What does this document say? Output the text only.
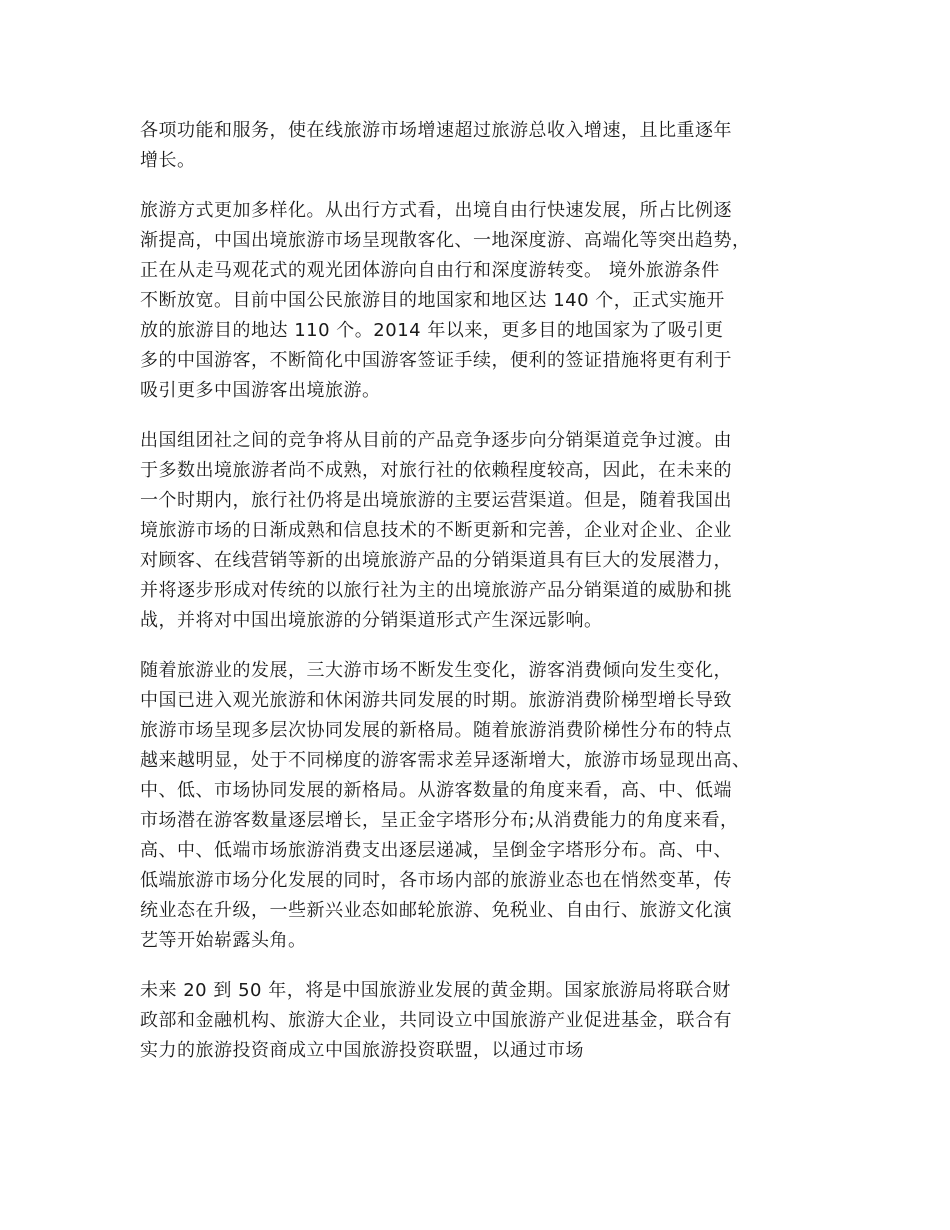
各项功能和服务，使在线旅游市场增速超过旅游总收入增速，且比重逐年
增长。

旅游方式更加多样化。从出行方式看，出境自由行快速发展，所占比例逐
渐提高，中国出境旅游市场呈现散客化、一地深度游、高端化等突出趋势，
正在从走马观花式的观光团体游向自由行和深度游转变。 境外旅游条件
不断放宽。目前中国公民旅游目的地国家和地区达 140 个，正式实施开
放的旅游目的地达 110 个。2014 年以来，更多目的地国家为了吸引更
多的中国游客，不断简化中国游客签证手续，便利的签证措施将更有利于
吸引更多中国游客出境旅游。

出国组团社之间的竞争将从目前的产品竞争逐步向分销渠道竞争过渡。由
于多数出境旅游者尚不成熟，对旅行社的依赖程度较高，因此，在未来的
一个时期内，旅行社仍将是出境旅游的主要运营渠道。但是，随着我国出
境旅游市场的日渐成熟和信息技术的不断更新和完善，企业对企业、企业
对顾客、在线营销等新的出境旅游产品的分销渠道具有巨大的发展潜力，
并将逐步形成对传统的以旅行社为主的出境旅游产品分销渠道的威胁和挑
战，并将对中国出境旅游的分销渠道形式产生深远影响。

随着旅游业的发展，三大游市场不断发生变化，游客消费倾向发生变化，
中国已进入观光旅游和休闲游共同发展的时期。旅游消费阶梯型增长导致
旅游市场呈现多层次协同发展的新格局。随着旅游消费阶梯性分布的特点
越来越明显，处于不同梯度的游客需求差异逐渐增大，旅游市场显现出高、
中、低、市场协同发展的新格局。从游客数量的角度来看，高、中、低端
市场潜在游客数量逐层增长，呈正金字塔形分布;从消费能力的角度来看，
高、中、低端市场旅游消费支出逐层递减，呈倒金字塔形分布。高、中、
低端旅游市场分化发展的同时，各市场内部的旅游业态也在悄然变革，传
统业态在升级，一些新兴业态如邮轮旅游、免税业、自由行、旅游文化演
艺等开始崭露头角。

未来 20 到 50 年，将是中国旅游业发展的黄金期。国家旅游局将联合财
政部和金融机构、旅游大企业，共同设立中国旅游产业促进基金，联合有
实力的旅游投资商成立中国旅游投资联盟，以通过市场
